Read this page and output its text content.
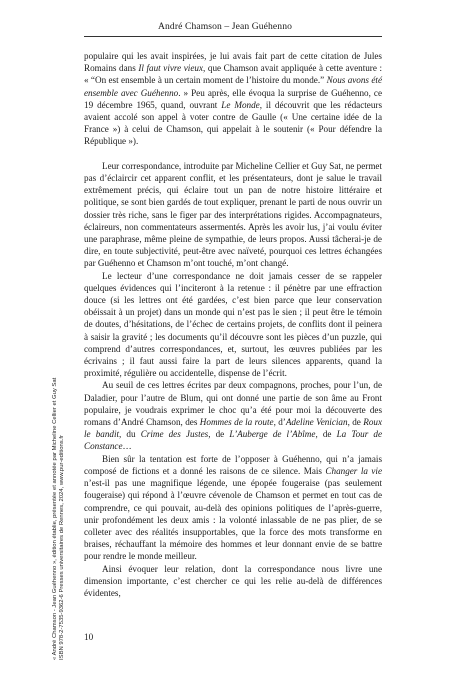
André Chamson – Jean Guéhenno

populaire qui les avait inspirées, je lui avais fait part de cette citation de Jules Romains dans Il faut vivre vieux, que Chamson avait appliquée à cette aventure : « “On est ensemble à un certain moment de l’histoire du monde.” Nous avons été ensemble avec Guéhenno. » Peu après, elle évoqua la surprise de Guéhenno, ce 19 décembre 1965, quand, ouvrant Le Monde, il découvrit que les rédacteurs avaient accolé son appel à voter contre de Gaulle (« Une certaine idée de la France ») à celui de Chamson, qui appelait à le soutenir (« Pour défendre la République »).

Leur correspondance, introduite par Micheline Cellier et Guy Sat, ne permet pas d’éclaircir cet apparent conflit, et les présentateurs, dont je salue le travail extrêmement précis, qui éclaire tout un pan de notre histoire littéraire et politique, se sont bien gardés de tout expliquer, prenant le parti de nous ouvrir un dossier très riche, sans le figer par des interprétations rigides. Accompagnateurs, éclaireurs, non commentateurs assermentés. Après les avoir lus, j’ai voulu éviter une paraphrase, même pleine de sympathie, de leurs propos. Aussi tâcherai-je de dire, en toute subjectivité, peut-être avec naïveté, pourquoi ces lettres échangées par Guéhenno et Chamson m’ont touché, m’ont changé.

Le lecteur d’une correspondance ne doit jamais cesser de se rappeler quelques évidences qui l’inciteront à la retenue : il pénètre par une effraction douce (si les lettres ont été gardées, c’est bien parce que leur conservation obéissait à un projet) dans un monde qui n’est pas le sien ; il peut être le témoin de doutes, d’hésitations, de l’échec de certains projets, de conflits dont il peinera à saisir la gravité ; les documents qu’il découvre sont les pièces d’un puzzle, qui comprend d’autres correspondances, et, surtout, les œuvres publiées par les écrivains ; il faut aussi faire la part de leurs silences apparents, quand la proximité, régulière ou accidentelle, dispense de l’écrit.

Au seuil de ces lettres écrites par deux compagnons, proches, pour l’un, de Daladier, pour l’autre de Blum, qui ont donné une partie de son âme au Front populaire, je voudrais exprimer le choc qu’a été pour moi la découverte des romans d’André Chamson, des Hommes de la route, d’Adeline Venician, de Roux le bandit, du Crime des Justes, de L’Auberge de l’Abîme, de La Tour de Constance…

Bien sûr la tentation est forte de l’opposer à Guéhenno, qui n’a jamais composé de fictions et a donné les raisons de ce silence. Mais Changer la vie n’est-il pas une magnifique légende, une épopée fougeraise (pas seulement fougeraise) qui répond à l’œuvre cévenole de Chamson et permet en tout cas de comprendre, ce qui pouvait, au-delà des opinions politiques de l’après-guerre, unir profondément les deux amis : la volonté inlassable de ne pas plier, de se colleter avec des réalités insupportables, que la force des mots transforme en braises, réchauffant la mémoire des hommes et leur donnant envie de se battre pour rendre le monde meilleur.

Ainsi évoquer leur relation, dont la correspondance nous livre une dimension importante, c’est chercher ce qui les relie au-delà de différences évidentes,

10
« André Chamson - Jean Guéhenno », édition établie, présentée et annotée par Micheline Cellier et Guy Sat ISBN 978-2-7535-9362-6 Presses universitaires de Rennes, 2024, www.pur-editions.fr
